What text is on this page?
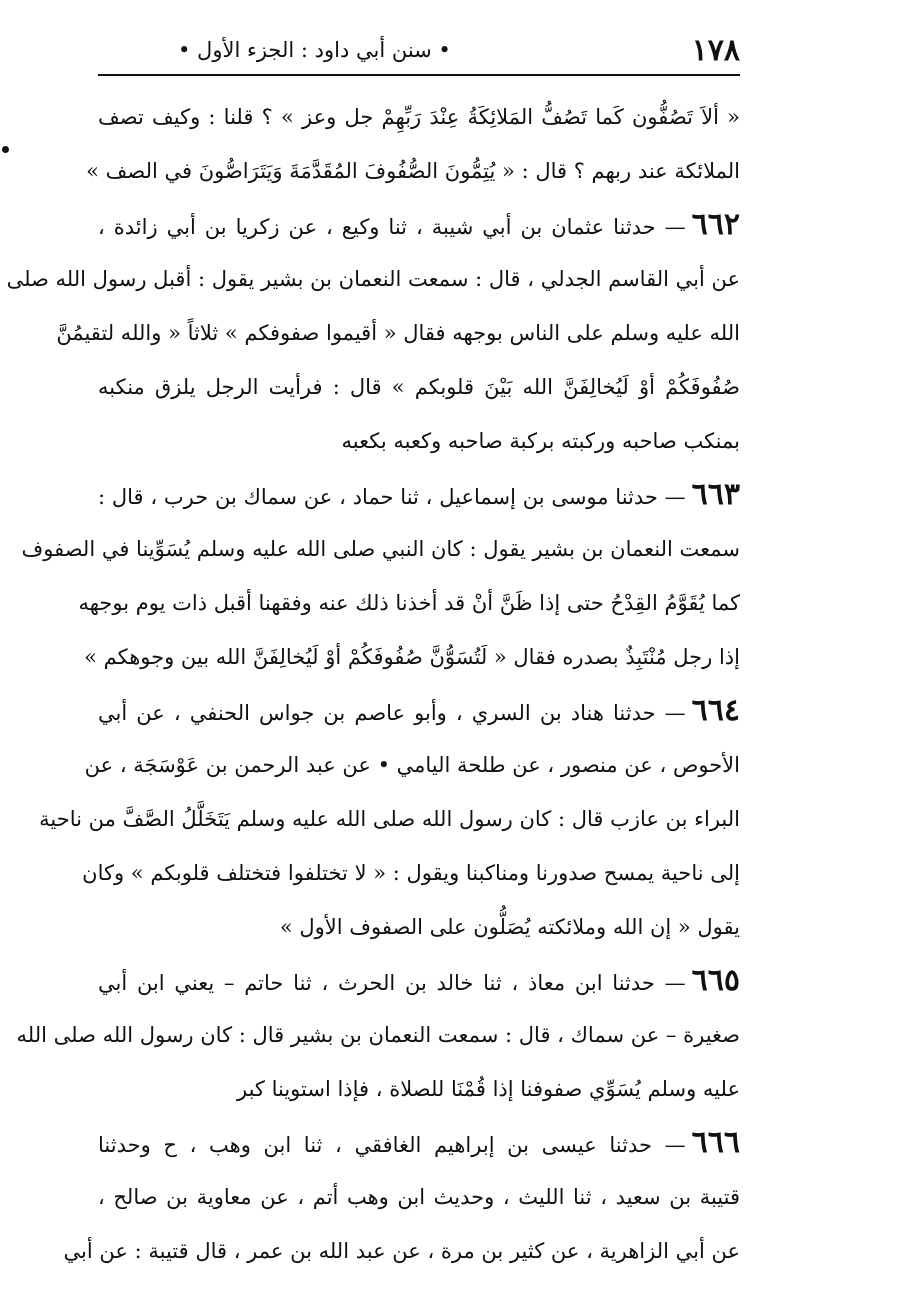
١٧٨
• سنن أبي داود : الجزء الأول •
« ألاَ تَصُفُّون كَما تَصُفُّ المَلائِكَةُ عِنْدَ رَبِّهِمْ جل وعز » ؟ قلنا : وكيف تصف
الملائكة عند ربهم ؟ قال : « يُتِمُّونَ الصُّفُوفَ المُقَدَّمَةَ وَيَتَرَاصُّونَ في الصف »
٦٦٢— حدثنا عثمان بن أبي شيبة ، ثنا وكيع ، عن زكريا بن أبي زائدة ،
عن أبي القاسم الجدلي ، قال : سمعت النعمان بن بشير يقول : أقبل رسول الله صلى
الله عليه وسلم على الناس بوجهه فقال « أقيموا صفوفكم » ثلاثاً « والله لتقيمُنَّ
صُفُوفَكُمْ أوْ لَيُخالِفَنَّ الله بَيْنَ قلوبكم » قال : فرأيت الرجل يلزق منكبه
بمنكب صاحبه وركبته بركبة صاحبه وكعبه بكعبه
٦٦٣— حدثنا موسى بن إسماعيل ، ثنا حماد ، عن سماك بن حرب ، قال :
سمعت النعمان بن بشير يقول : كان النبي صلى الله عليه وسلم يُسَوِّينا في الصفوف
كما يُقَوَّمُ القِدْحُ حتى إذا ظَنَّ أنْ قد أخذنا ذلك عنه وفقهنا أقبل ذات يوم بوجهه
إذا رجل مُنْتَبِذٌ بصدره فقال « لَتُسَوُّنَّ صُفُوفَكُمْ أوْ لَيُخالِفَنَّ الله بين وجوهكم »
٦٦٤— حدثنا هناد بن السري ، وأبو عاصم بن جواس الحنفي ، عن أبي
الأحوص ، عن منصور ، عن طلحة اليامي • عن عبد الرحمن بن عَوْسَجَة ، عن
البراء بن عازب قال : كان رسول الله صلى الله عليه وسلم يَتَخَلَّلُ الصَّفَّ من ناحية
إلى ناحية يمسح صدورنا ومناكبنا ويقول : « لا تختلفوا فتختلف قلوبكم » وكان
يقول « إن الله وملائكته يُصَلُّون على الصفوف الأول »
٦٦٥— حدثنا ابن معاذ ، ثنا خالد بن الحرث ، ثنا حاتم – يعني ابن أبي
صغيرة – عن سماك ، قال : سمعت النعمان بن بشير قال : كان رسول الله صلى الله
عليه وسلم يُسَوِّي صفوفنا إذا قُمْنَا للصلاة ، فإذا استوينا كبر
٦٦٦— حدثنا عيسى بن إبراهيم الغافقي ، ثنا ابن وهب ، ح وحدثنا
قتيبة بن سعيد ، ثنا الليث ، وحديث ابن وهب أتم ، عن معاوية بن صالح ،
عن أبي الزاهرية ، عن كثير بن مرة ، عن عبد الله بن عمر ، قال قتيبة : عن أبي
